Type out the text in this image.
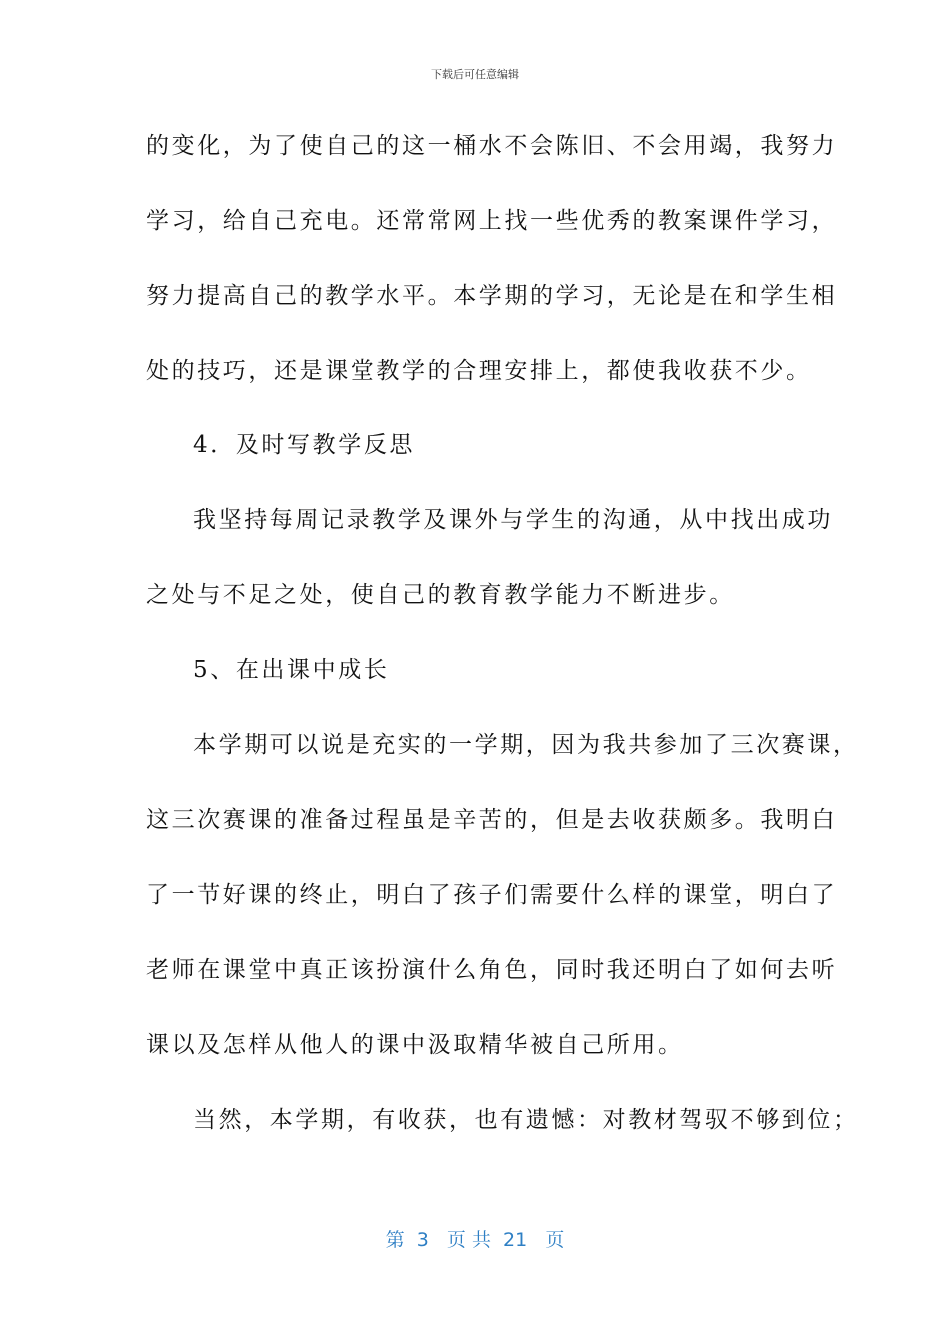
下载后可任意编辑
的变化，为了使自己的这一桶水不会陈旧、不会用竭，我努力
学习，给自己充电。还常常网上找一些优秀的教案课件学习，
努力提高自己的教学水平。本学期的学习，无论是在和学生相
处的技巧，还是课堂教学的合理安排上，都使我收获不少。
4．及时写教学反思
我坚持每周记录教学及课外与学生的沟通，从中找出成功
之处与不足之处，使自己的教育教学能力不断进步。
5、在出课中成长
本学期可以说是充实的一学期，因为我共参加了三次赛课，
这三次赛课的准备过程虽是辛苦的，但是去收获颇多。我明白
了一节好课的终止，明白了孩子们需要什么样的课堂，明白了
老师在课堂中真正该扮演什么角色，同时我还明白了如何去听
课以及怎样从他人的课中汲取精华被自己所用。
当然，本学期，有收获，也有遗憾：对教材驾驭不够到位；
第  3   页 共  21   页
